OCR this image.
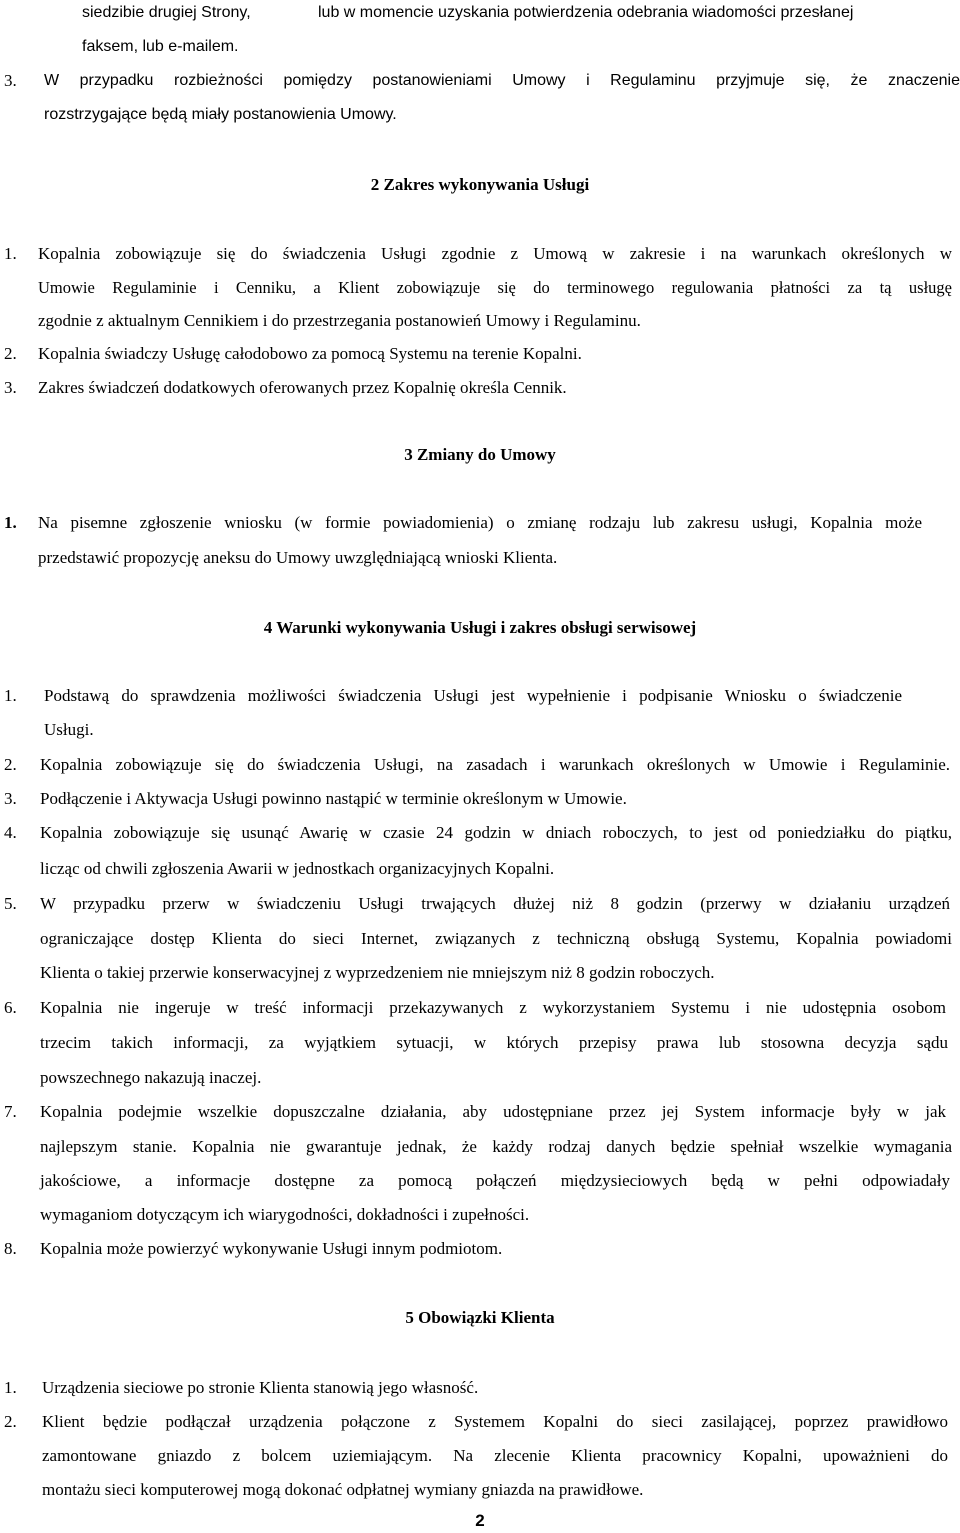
siedzibie drugiej Strony,	lub w momencie uzyskania potwierdzenia odebrania wiadomości przesłanej
faksem, lub e-mailem.
3. W przypadku rozbieżności pomiędzy postanowieniami Umowy i Regulaminu przyjmuje się, że znaczenie
rozstrzygające będą miały postanowienia Umowy.
2 Zakres wykonywania Usługi
1. Kopalnia zobowiązuje się do świadczenia Usługi zgodnie z Umową w zakresie i na warunkach określonych w
Umowie Regulaminie i Cenniku, a Klient zobowiązuje się do terminowego regulowania płatności za tą usługę
zgodnie z aktualnym Cennikiem i do przestrzegania postanowień Umowy i Regulaminu.
2. Kopalnia świadczy Usługę całodobowo za pomocą Systemu na terenie Kopalni.
3. Zakres świadczeń dodatkowych oferowanych przez Kopalnię określa Cennik.
3 Zmiany do Umowy
1. Na pisemne zgłoszenie wniosku (w formie powiadomienia) o zmianę rodzaju lub zakresu usługi, Kopalnia może
przedstawić propozycję aneksu do Umowy uwzględniającą wnioski Klienta.
4 Warunki wykonywania Usługi i zakres obsługi serwisowej
1. Podstawą do sprawdzenia możliwości świadczenia Usługi jest wypełnienie i podpisanie Wniosku o świadczenie
Usługi.
2. Kopalnia zobowiązuje się do świadczenia Usługi, na zasadach i warunkach określonych w Umowie i Regulaminie.
3. Podłączenie i Aktywacja Usługi powinno nastąpić w terminie określonym w Umowie.
4. Kopalnia zobowiązuje się usunąć Awarię w czasie 24 godzin w dniach roboczych, to jest od poniedziałku do piątku,
licząc od chwili zgłoszenia Awarii w jednostkach organizacyjnych Kopalni.
5. W przypadku przerw w świadczeniu Usługi trwających dłużej niż 8 godzin (przerwy w działaniu urządzeń
ograniczające dostęp Klienta do sieci Internet, związanych z techniczną obsługą Systemu, Kopalnia powiadomi
Klienta o takiej przerwie konserwacyjnej z wyprzedzeniem nie mniejszym niż 8 godzin roboczych.
6. Kopalnia nie ingeruje w treść informacji przekazywanych z wykorzystaniem Systemu i nie udostępnia osobom
trzecim takich informacji, za wyjątkiem sytuacji, w których przepisy prawa lub stosowna decyzja sądu
powszechnego nakazują inaczej.
7. Kopalnia podejmie wszelkie dopuszczalne działania, aby udostępniane przez jej System informacje były w jak
najlepszym stanie. Kopalnia nie gwarantuje jednak, że każdy rodzaj danych będzie spełniał wszelkie wymagania
jakościowe, a informacje dostępne za pomocą połączeń międzysieciowych będą w pełni odpowiadały
wymaganiom dotyczącym ich wiarygodności, dokładności i zupełności.
8. Kopalnia może powierzyć wykonywanie Usługi innym podmiotom.
5 Obowiązki Klienta
1. Urządzenia sieciowe po stronie Klienta stanowią jego własność.
2. Klient będzie podłączał urządzenia połączone z Systemem Kopalni do sieci zasilającej, poprzez prawidłowo
zamontowane gniazdo z bolcem uziemiającym. Na zlecenie Klienta pracownicy Kopalni, upoważnieni do
montażu sieci komputerowej mogą dokonać odpłatnej wymiany gniazda na prawidłowe.
2
